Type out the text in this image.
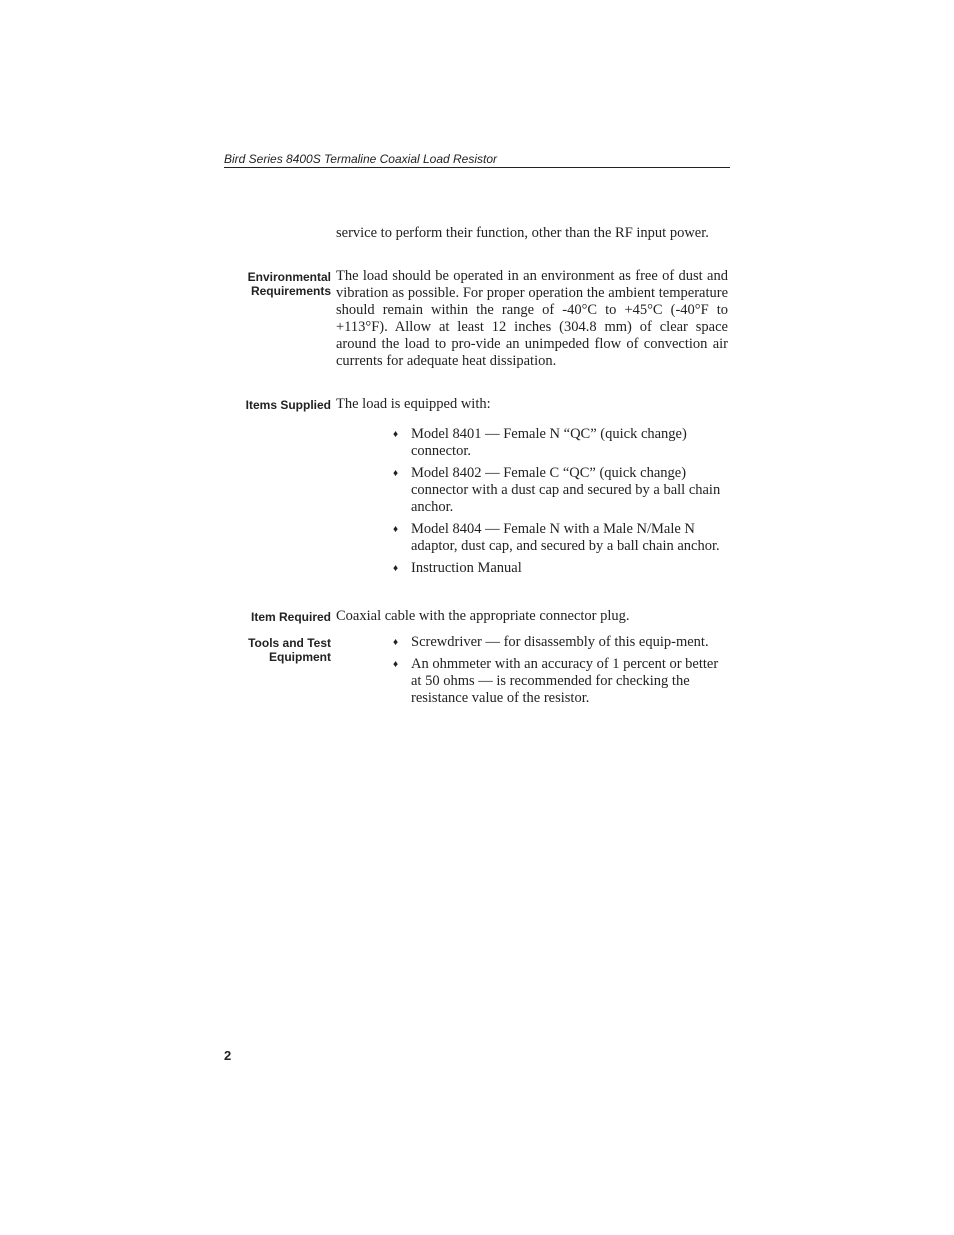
Bird Series 8400S Termaline Coaxial Load Resistor
service to perform their function, other than the RF input power.
Environmental
Requirements
The load should be operated in an environment as free of dust and vibration as possible. For proper operation the ambient temperature should remain within the range of -40°C to +45°C (-40°F to +113°F). Allow at least 12 inches (304.8 mm) of clear space around the load to pro-vide an unimpeded flow of convection air currents for adequate heat dissipation.
Items Supplied The load is equipped with:
♦ Model 8401 — Female N “QC” (quick change) connector.
♦ Model 8402 — Female C “QC” (quick change) connector with a dust cap and secured by a ball chain anchor.
♦ Model 8404 — Female N with a Male N/Male N adaptor, dust cap, and secured by a ball chain anchor.
♦ Instruction Manual
Item Required Coaxial cable with the appropriate connector plug.
Tools and Test
Equipment
♦ Screwdriver — for disassembly of this equip-ment.
♦ An ohmmeter with an accuracy of 1 percent or better at 50 ohms — is recommended for checking the resistance value of the resistor.
2
